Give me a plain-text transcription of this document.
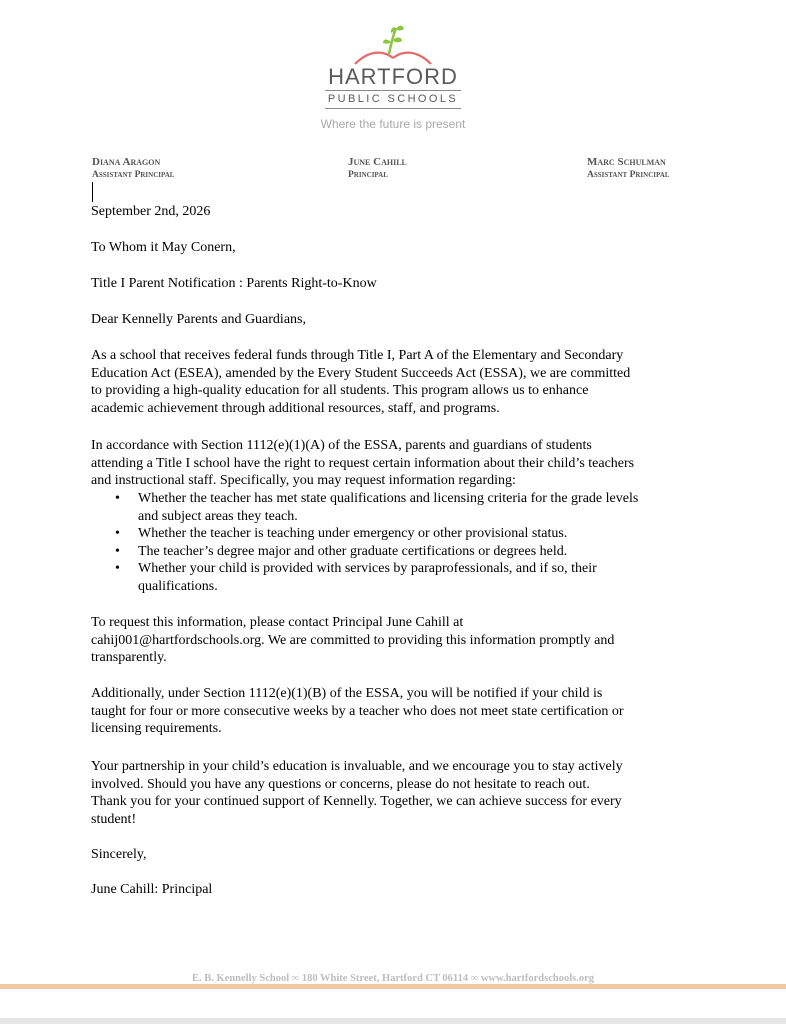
HARTFORD
PUBLIC SCHOOLS
Where the future is present
Diana Aragon
Assistant Principal
June Cahill
Principal
Marc Schulman
Assistant Principal

September 2nd, 2026

To Whom it May Conern,

Title I Parent Notification : Parents Right-to-Know

Dear Kennelly Parents and Guardians,

As a school that receives federal funds through Title I, Part A of the Elementary and Secondary

Education Act (ESEA), amended by the Every Student Succeeds Act (ESSA), we are committed

to providing a high-quality education for all students. This program allows us to enhance

academic achievement through additional resources, staff, and programs.

In accordance with Section 1112(e)(1)(A) of the ESSA, parents and guardians of students

attending a Title I school have the right to request certain information about their child’s teachers

and instructional staff. Specifically, you may request information regarding:

• Whether the teacher has met state qualifications and licensing criteria for the grade levels
and subject areas they teach.
• Whether the teacher is teaching under emergency or other provisional status.
• The teacher’s degree major and other graduate certifications or degrees held.
• Whether your child is provided with services by paraprofessionals, and if so, their
qualifications.

To request this information, please contact Principal June Cahill at

cahij001@hartfordschools.org. We are committed to providing this information promptly and

transparently.

Additionally, under Section 1112(e)(1)(B) of the ESSA, you will be notified if your child is

taught for four or more consecutive weeks by a teacher who does not meet state certification or

licensing requirements.

Your partnership in your child’s education is invaluable, and we encourage you to stay actively

involved. Should you have any questions or concerns, please do not hesitate to reach out.

Thank you for your continued support of Kennelly. Together, we can achieve success for every

student!

Sincerely,

June Cahill: Principal

E. B. Kennelly School ∞ 180 White Street, Hartford CT 06114 ∞ www.hartfordschools.org
